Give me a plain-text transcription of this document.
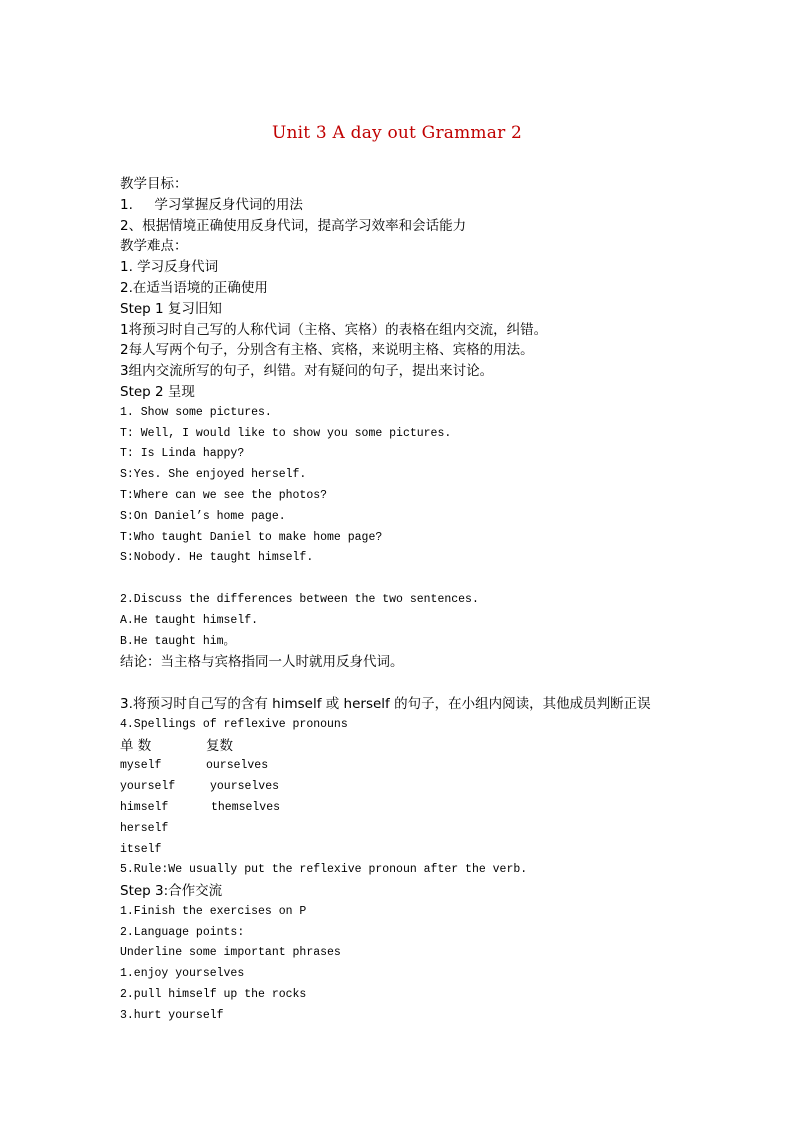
Unit 3 A day out Grammar 2
教学目标：
1.     学习掌握反身代词的用法
2、根据情境正确使用反身代词，提高学习效率和会话能力
教学难点：
1. 学习反身代词
2.在适当语境的正确使用
Step 1 复习旧知
1将预习时自己写的人称代词（主格、宾格）的表格在组内交流，纠错。
2每人写两个句子，分别含有主格、宾格，来说明主格、宾格的用法。
3组内交流所写的句子，纠错。对有疑问的句子，提出来讨论。
Step 2 呈现
1. Show some pictures.
T: Well, I would like to show you some pictures.
T: Is Linda happy?
S:Yes. She enjoyed herself.
T:Where can we see the photos?
S:On Daniel’s home page.
T:Who taught Daniel to make home page?
S:Nobody. He taught himself.
2.Discuss the differences between the two sentences.
A.He taught himself.
B.He taught him。
结论：当主格与宾格指同一人时就用反身代词。
3.将预习时自己写的含有 himself 或 herself 的句子，在小组内阅读，其他成员判断正误
4.Spellings of reflexive pronouns
单 数	复数
myself	ourselves
yourself	yourselves
himself	themselves
herself
itself
5.Rule:We usually put the reflexive pronoun after the verb.
Step 3:合作交流
1.Finish the exercises on P
2.Language points:
Underline some important phrases
1.enjoy yourselves
2.pull himself up the rocks
3.hurt yourself
